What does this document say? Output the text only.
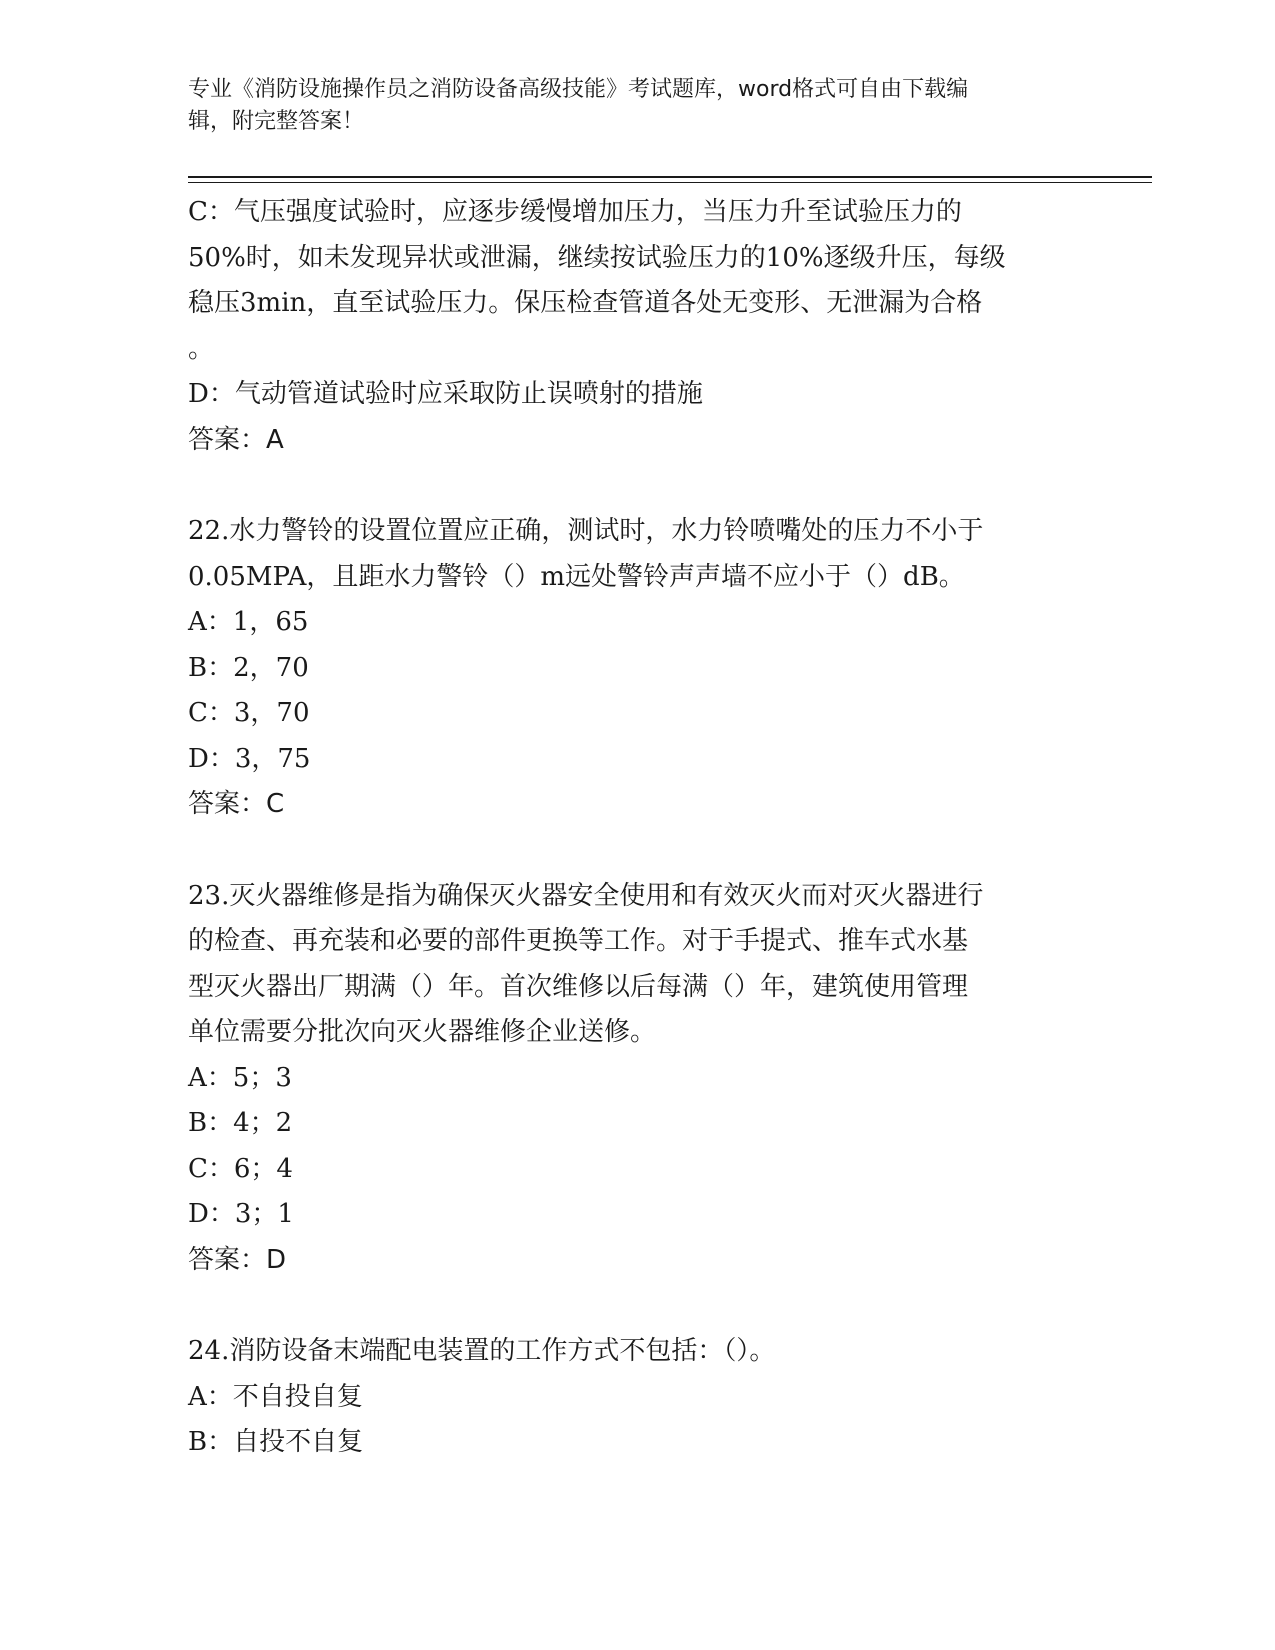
专业《消防设施操作员之消防设备高级技能》考试题库，word格式可自由下载编
辑，附完整答案！
C：气压强度试验时，应逐步缓慢增加压力，当压力升至试验压力的
50%时，如未发现异状或泄漏，继续按试验压力的10%逐级升压，每级
稳压3min，直至试验压力。保压检查管道各处无变形、无泄漏为合格
。
D：气动管道试验时应采取防止误喷射的措施
答案：A
22.水力警铃的设置位置应正确，测试时，水力铃喷嘴处的压力不小于
0.05MPA，且距水力警铃（）m远处警铃声声墙不应小于（）dB。
A：1，65
B：2，70
C：3，70
D：3，75
答案：C
23.灭火器维修是指为确保灭火器安全使用和有效灭火而对灭火器进行
的检查、再充装和必要的部件更换等工作。对于手提式、推车式水基
型灭火器出厂期满（）年。首次维修以后每满（）年，建筑使用管理
单位需要分批次向灭火器维修企业送修。
A：5；3
B：4；2
C：6；4
D：3；1
答案：D
24.消防设备末端配电装置的工作方式不包括：（）。
A：不自投自复
B：自投不自复
